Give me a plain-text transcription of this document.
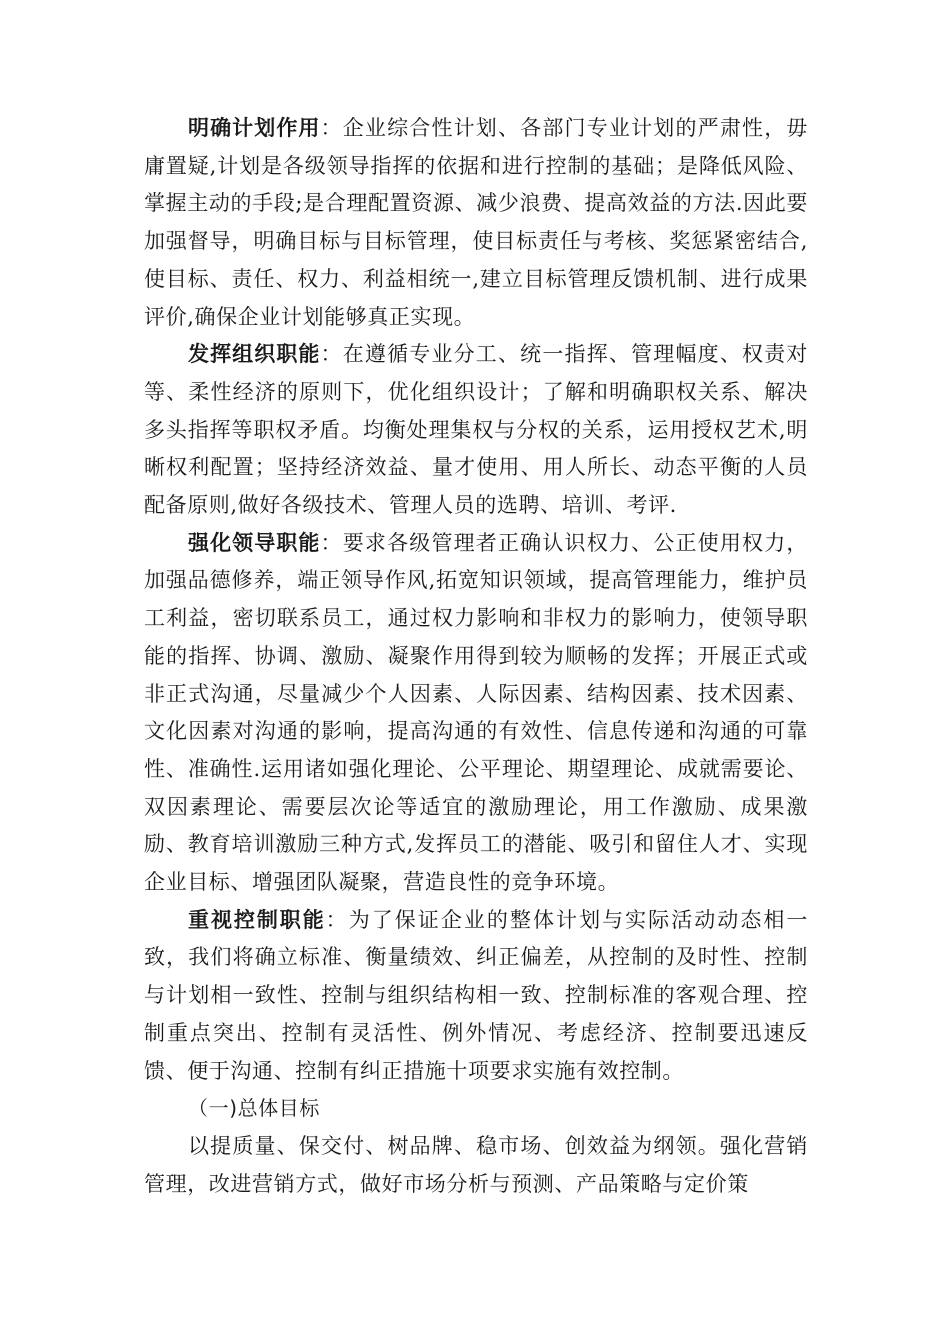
明确计划作用：企业综合性计划、各部门专业计划的严肃性，毋庸置疑,计划是各级领导指挥的依据和进行控制的基础；是降低风险、掌握主动的手段;是合理配置资源、减少浪费、提高效益的方法.因此要加强督导，明确目标与目标管理，使目标责任与考核、奖惩紧密结合,使目标、责任、权力、利益相统一,建立目标管理反馈机制、进行成果评价,确保企业计划能够真正实现。

发挥组织职能：在遵循专业分工、统一指挥、管理幅度、权责对等、柔性经济的原则下，优化组织设计；了解和明确职权关系、解决多头指挥等职权矛盾。均衡处理集权与分权的关系，运用授权艺术,明晰权利配置；坚持经济效益、量才使用、用人所长、动态平衡的人员配备原则,做好各级技术、管理人员的选聘、培训、考评.

强化领导职能：要求各级管理者正确认识权力、公正使用权力，加强品德修养，端正领导作风,拓宽知识领域，提高管理能力，维护员工利益，密切联系员工，通过权力影响和非权力的影响力，使领导职能的指挥、协调、激励、凝聚作用得到较为顺畅的发挥；开展正式或非正式沟通，尽量减少个人因素、人际因素、结构因素、技术因素、文化因素对沟通的影响，提高沟通的有效性、信息传递和沟通的可靠性、准确性.运用诸如强化理论、公平理论、期望理论、成就需要论、双因素理论、需要层次论等适宜的激励理论，用工作激励、成果激励、教育培训激励三种方式,发挥员工的潜能、吸引和留住人才、实现企业目标、增强团队凝聚，营造良性的竞争环境。

重视控制职能：为了保证企业的整体计划与实际活动动态相一致，我们将确立标准、衡量绩效、纠正偏差，从控制的及时性、控制与计划相一致性、控制与组织结构相一致、控制标准的客观合理、控制重点突出、控制有灵活性、例外情况、考虑经济、控制要迅速反馈、便于沟通、控制有纠正措施十项要求实施有效控制。

（一)总体目标

以提质量、保交付、树品牌、稳市场、创效益为纲领。强化营销管理，改进营销方式，做好市场分析与预测、产品策略与定价策
